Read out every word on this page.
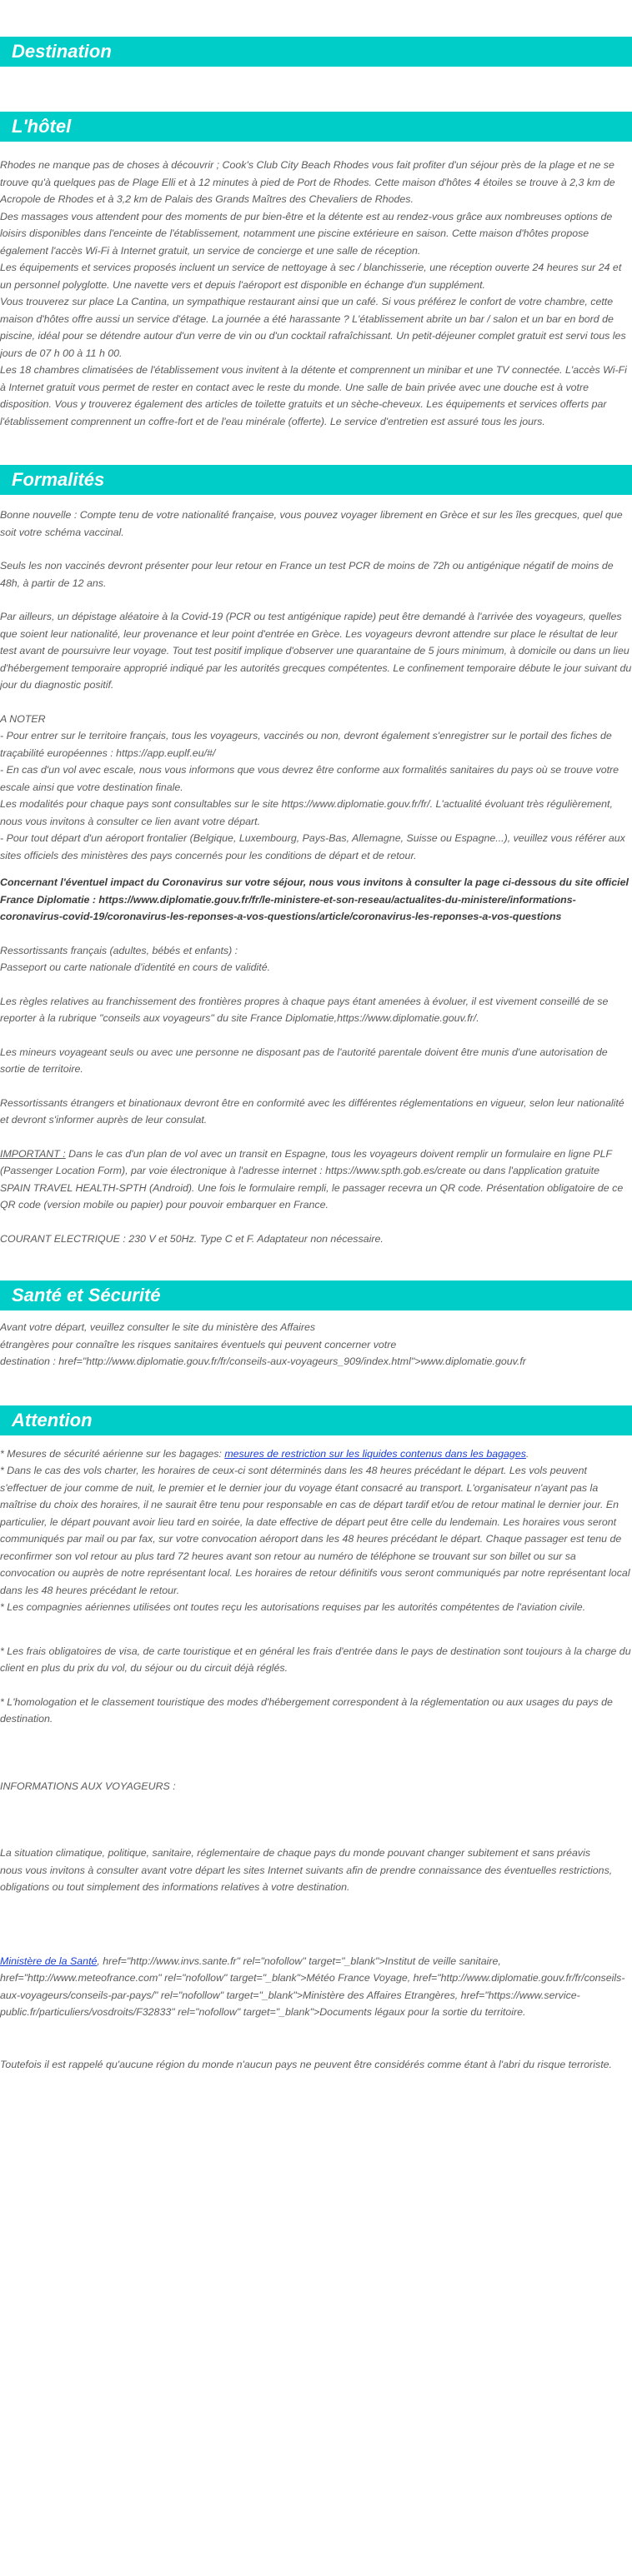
Destination
L'hôtel

Rhodes ne manque pas de choses à découvrir ; Cook's Club City Beach Rhodes vous fait profiter d'un séjour près de la plage et ne se trouve qu'à quelques pas de Plage Elli et à 12 minutes à pied de Port de Rhodes. Cette maison d'hôtes 4 étoiles se trouve à 2,3 km de Acropole de Rhodes et à 3,2 km de Palais des Grands Maîtres des Chevaliers de Rhodes.

Des massages vous attendent pour des moments de pur bien-être et la détente est au rendez-vous grâce aux nombreuses options de loisirs disponibles dans l'enceinte de l'établissement, notamment une piscine extérieure en saison. Cette maison d'hôtes propose également l'accès Wi-Fi à Internet gratuit, un service de concierge et une salle de réception.

Les équipements et services proposés incluent un service de nettoyage à sec / blanchisserie, une réception ouverte 24 heures sur 24 et un personnel polyglotte. Une navette vers et depuis l'aéroport est disponible en échange d'un supplément.

Vous trouverez sur place La Cantina, un sympathique restaurant ainsi que un café. Si vous préférez le confort de votre chambre, cette maison d'hôtes offre aussi un service d'étage. La journée a été harassante ? L'établissement abrite un bar / salon et un bar en bord de piscine, idéal pour se détendre autour d'un verre de vin ou d'un cocktail rafraîchissant. Un petit-déjeuner complet gratuit est servi tous les jours de 07 h 00 à 11 h 00.

Les 18 chambres climatisées de l'établissement vous invitent à la détente et comprennent un minibar et une TV connectée. L'accès Wi-Fi à Internet gratuit vous permet de rester en contact avec le reste du monde. Une salle de bain privée avec une douche est à votre disposition. Vous y trouverez également des articles de toilette gratuits et un sèche-cheveux. Les équipements et services offerts par l'établissement comprennent un coffre-fort et de l'eau minérale (offerte). Le service d'entretien est assuré tous les jours.

Formalités

Bonne nouvelle : Compte tenu de votre nationalité française, vous pouvez voyager librement en Grèce et sur les îles grecques, quel que soit votre schéma vaccinal.

Seuls les non vaccinés devront présenter pour leur retour en France un test PCR de moins de 72h ou antigénique négatif de moins de 48h, à partir de 12 ans.

Par ailleurs, un dépistage aléatoire à la Covid-19 (PCR ou test antigénique rapide) peut être demandé à l'arrivée des voyageurs, quelles que soient leur nationalité, leur provenance et leur point d'entrée en Grèce. Les voyageurs devront attendre sur place le résultat de leur test avant de poursuivre leur voyage. Tout test positif implique d'observer une quarantaine de 5 jours minimum, à domicile ou dans un lieu d'hébergement temporaire approprié indiqué par les autorités grecques compétentes. Le confinement temporaire débute le jour suivant du jour du diagnostic positif.

A NOTER

- Pour entrer sur le territoire français, tous les voyageurs, vaccinés ou non, devront également s'enregistrer sur le portail des fiches de traçabilité européennes : https://app.euplf.eu/#/

- En cas d'un vol avec escale, nous vous informons que vous devrez être conforme aux formalités sanitaires du pays où se trouve votre escale ainsi que votre destination finale.

Les modalités pour chaque pays sont consultables sur le site https://www.diplomatie.gouv.fr/fr/. L'actualité évoluant très régulièrement, nous vous invitons à consulter ce lien avant votre départ.

- Pour tout départ d'un aéroport frontalier (Belgique, Luxembourg, Pays-Bas, Allemagne, Suisse ou Espagne...), veuillez vous référer aux sites officiels des ministères des pays concernés pour les conditions de départ et de retour.

Concernant l'éventuel impact du Coronavirus sur votre séjour, nous vous invitons à consulter la page ci-dessous du site officiel France Diplomatie : https://www.diplomatie.gouv.fr/fr/le-ministere-et-son-reseau/actualites-du-ministere/informations-coronavirus-covid-19/coronavirus-les-reponses-a-vos-questions/article/coronavirus-les-reponses-a-vos-questions

Ressortissants français (adultes, bébés et enfants) :

Passeport ou carte nationale d'identité en cours de validité.

Les règles relatives au franchissement des frontières propres à chaque pays étant amenées à évoluer, il est vivement conseillé de se reporter à la rubrique "conseils aux voyageurs" du site France Diplomatie,https://www.diplomatie.gouv.fr/.

Les mineurs voyageant seuls ou avec une personne ne disposant pas de l'autorité parentale doivent être munis d'une autorisation de sortie de territoire.

Ressortissants étrangers et binationaux devront être en conformité avec les différentes réglementations en vigueur, selon leur nationalité et devront s'informer auprès de leur consulat.

IMPORTANT : Dans le cas d'un plan de vol avec un transit en Espagne, tous les voyageurs doivent remplir un formulaire en ligne PLF (Passenger Location Form), par voie électronique à l'adresse internet : https://www.spth.gob.es/create ou dans l'application gratuite SPAIN TRAVEL HEALTH-SPTH (Android). Une fois le formulaire rempli, le passager recevra un QR code. Présentation obligatoire de ce QR code (version mobile ou papier) pour pouvoir embarquer en France.

COURANT ELECTRIQUE : 230 V et 50Hz. Type C et F. Adaptateur non nécessaire.

Santé et Sécurité

Avant votre départ, veuillez consulter le site du ministère des Affaires

étrangères pour connaître les risques sanitaires éventuels qui peuvent concerner votre

destination : href="http://www.diplomatie.gouv.fr/fr/conseils-aux-voyageurs_909/index.html">www.diplomatie.gouv.fr

Attention

* Mesures de sécurité aérienne sur les bagages: mesures de restriction sur les liquides contenus dans les bagages.

* Dans le cas des vols charter, les horaires de ceux-ci sont déterminés dans les 48 heures précédant le départ. Les vols peuvent s'effectuer de jour comme de nuit, le premier et le dernier jour du voyage étant consacré au transport. L'organisateur n'ayant pas la maîtrise du choix des horaires, il ne saurait être tenu pour responsable en cas de départ tardif et/ou de retour matinal le dernier jour. En particulier, le départ pouvant avoir lieu tard en soirée, la date effective de départ peut être celle du lendemain. Les horaires vous seront communiqués par mail ou par fax, sur votre convocation aéroport dans les 48 heures précédant le départ. Chaque passager est tenu de reconfirmer son vol retour au plus tard 72 heures avant son retour au numéro de téléphone se trouvant sur son billet ou sur sa convocation ou auprès de notre représentant local. Les horaires de retour définitifs vous seront communiqués par notre représentant local dans les 48 heures précédant le retour.

* Les compagnies aériennes utilisées ont toutes reçu les autorisations requises par les autorités compétentes de l'aviation civile.

* Les frais obligatoires de visa, de carte touristique et en général les frais d'entrée dans le pays de destination sont toujours à la charge du client en plus du prix du vol, du séjour ou du circuit déjà réglés.

* L'homologation et le classement touristique des modes d'hébergement correspondent à la réglementation ou aux usages du pays de destination.

INFORMATIONS AUX VOYAGEURS :

La situation climatique, politique, sanitaire, réglementaire de chaque pays du monde pouvant changer subitement et sans préavis

nous vous invitons à consulter avant votre départ les sites Internet suivants afin de prendre connaissance des éventuelles restrictions, obligations ou tout simplement des informations relatives à votre destination.

Ministère de la Santé, href="http://www.invs.sante.fr" rel="nofollow" target="_blank">Institut de veille sanitaire, href="http://www.meteofrance.com" rel="nofollow" target="_blank">Météo France Voyage, href="http://www.diplomatie.gouv.fr/fr/conseils-aux-voyageurs/conseils-par-pays/" rel="nofollow" target="_blank">Ministère des Affaires Etrangères, href="https://www.service-public.fr/particuliers/vosdroits/F32833" rel="nofollow" target="_blank">Documents légaux pour la sortie du territoire.

Toutefois il est rappelé qu'aucune région du monde n'aucun pays ne peuvent être considérés comme étant à l'abri du risque terroriste.
